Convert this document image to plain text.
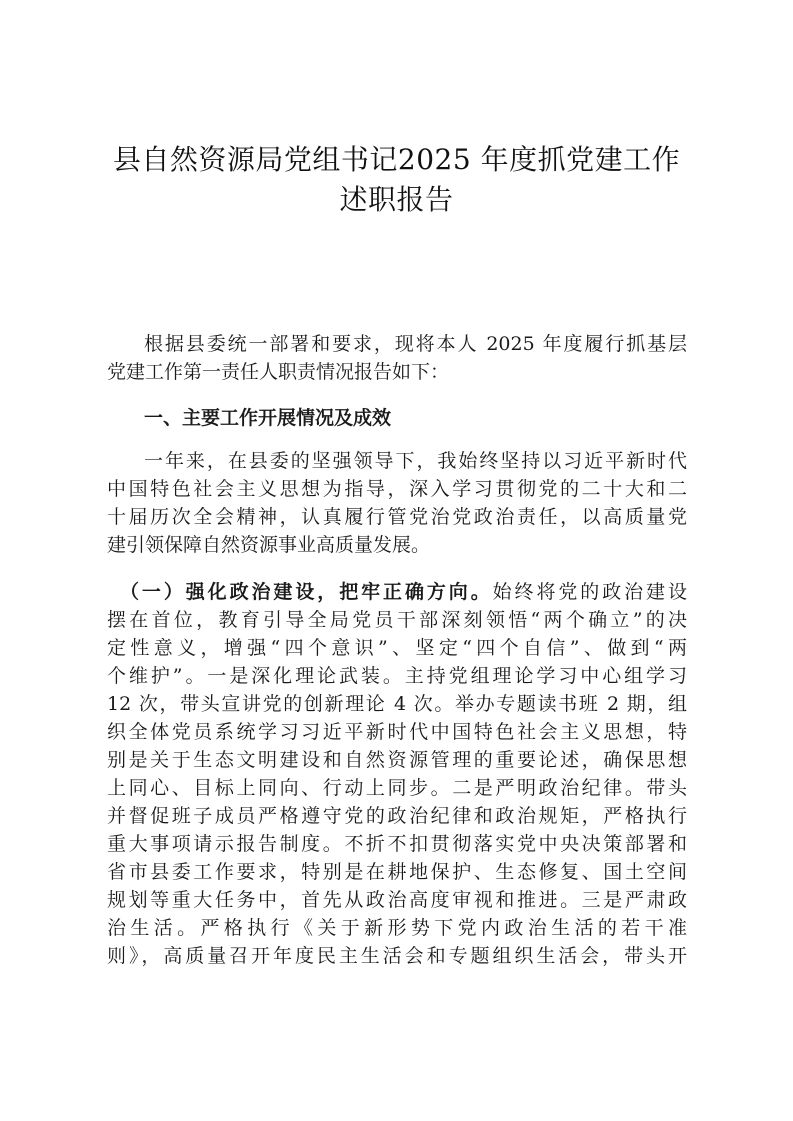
县自然资源局党组书记2025 年度抓党建工作
述职报告
根据县委统一部署和要求，现将本人 2025 年度履行抓基层
党建工作第一责任人职责情况报告如下：
一、主要工作开展情况及成效
一年来，在县委的坚强领导下，我始终坚持以习近平新时代
中国特色社会主义思想为指导，深入学习贯彻党的二十大和二
十届历次全会精神，认真履行管党治党政治责任，以高质量党
建引领保障自然资源事业高质量发展。
（一）强化政治建设，把牢正确方向。始终将党的政治建设
摆在首位，教育引导全局党员干部深刻领悟“两个确立”的决
定性意义，增强“四个意识”、坚定“四个自信”、做到“两
个维护”。一是深化理论武装。主持党组理论学习中心组学习
12 次，带头宣讲党的创新理论 4 次。举办专题读书班 2 期，组
织全体党员系统学习习近平新时代中国特色社会主义思想，特
别是关于生态文明建设和自然资源管理的重要论述，确保思想
上同心、目标上同向、行动上同步。二是严明政治纪律。带头
并督促班子成员严格遵守党的政治纪律和政治规矩，严格执行
重大事项请示报告制度。不折不扣贯彻落实党中央决策部署和
省市县委工作要求，特别是在耕地保护、生态修复、国土空间
规划等重大任务中，首先从政治高度审视和推进。三是严肃政
治生活。严格执行《关于新形势下党内政治生活的若干准
则》，高质量召开年度民主生活会和专题组织生活会，带头开
